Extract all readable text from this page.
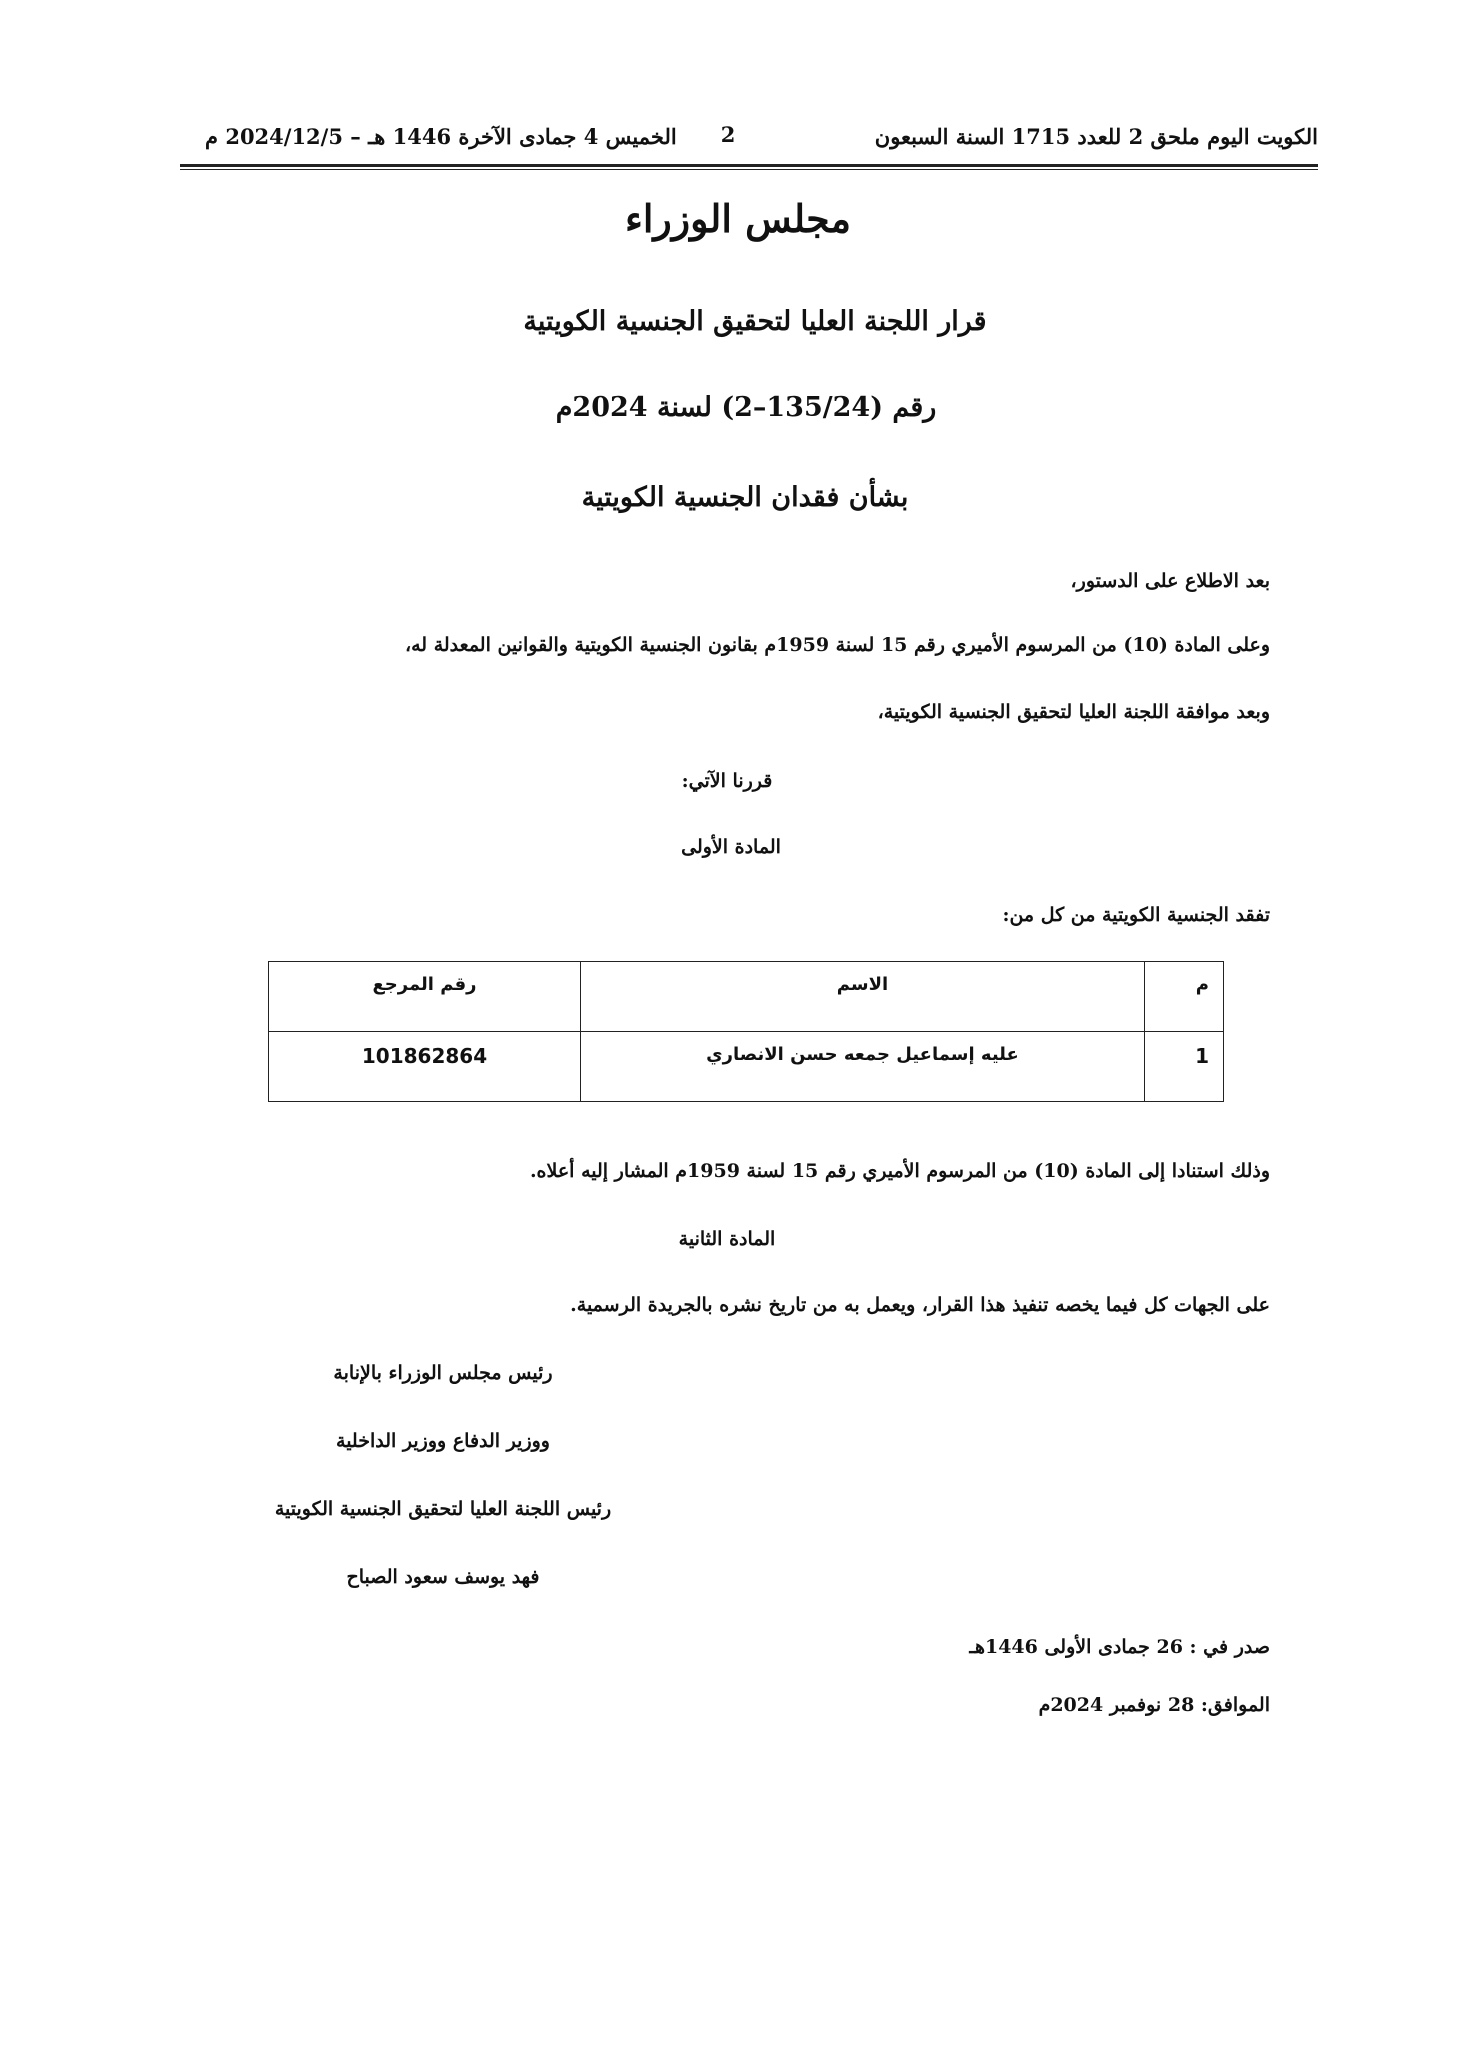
الكويت اليوم ملحق 2 للعدد 1715 السنة السبعون
2
الخميس 4 جمادى الآخرة 1446 هـ – 2024/12/5 م
مجلس الوزراء
قرار اللجنة العليا لتحقيق الجنسية الكويتية
رقم (135/24–2) لسنة 2024م
بشأن فقدان الجنسية الكويتية
بعد الاطلاع على الدستور،
وعلى المادة (10) من المرسوم الأميري رقم 15 لسنة 1959م بقانون الجنسية الكويتية والقوانين المعدلة له،
وبعد موافقة اللجنة العليا لتحقيق الجنسية الكويتية،
قررنا الآتي:
المادة الأولى
تفقد الجنسية الكويتية من كل من:
م	الاسم	رقم المرجع
1	عليه إسماعيل جمعه حسن الانصاري	101862864
وذلك استنادا إلى المادة (10) من المرسوم الأميري رقم 15 لسنة 1959م المشار إليه أعلاه.
المادة الثانية
على الجهات كل فيما يخصه تنفيذ هذا القرار، ويعمل به من تاريخ نشره بالجريدة الرسمية.
رئيس مجلس الوزراء بالإنابة
ووزير الدفاع ووزير الداخلية
رئيس اللجنة العليا لتحقيق الجنسية الكويتية
فهد يوسف سعود الصباح
صدر في : 26 جمادى الأولى 1446هـ
الموافق: 28 نوفمبر 2024م
